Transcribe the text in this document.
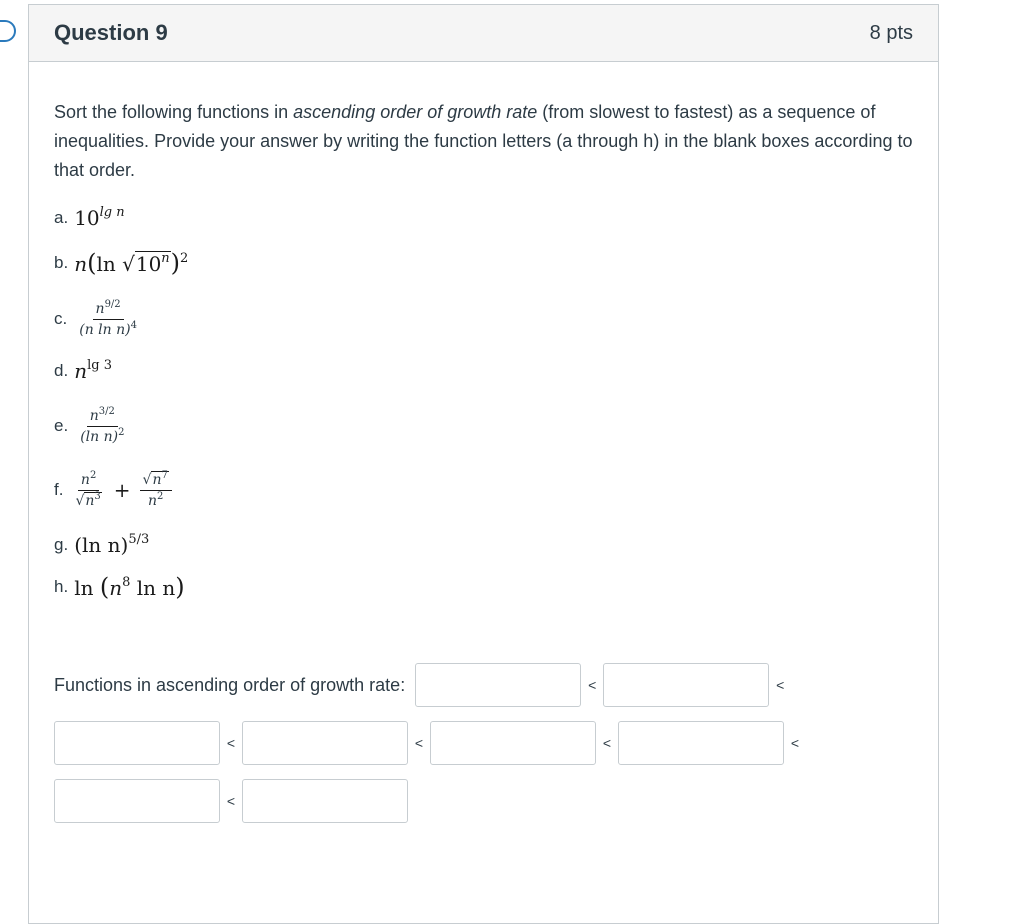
Question 9	8 pts

Sort the following functions in ascending order of growth rate (from slowest to fastest) as a sequence of inequalities. Provide your answer by writing the function letters (a through h) in the blank boxes according to that order.

a. $10^{lg n}$
b. n(ln √10$^n$)$^2$
c. $\frac{n^{9/2}}{(n \ln n)^4}$
d. $n^{lg 3}$
e. $\frac{n^{3/2}}{(\ln n)^2}$
f. $\frac{n^2}{√n^3} + \frac{√n^7}{n^2}$
g. (ln n)$^{5/3}$
h. $\ln (n^8$ ln n)
Functions in ascending order of growth rate:	<	<
<	<	<	<
<
